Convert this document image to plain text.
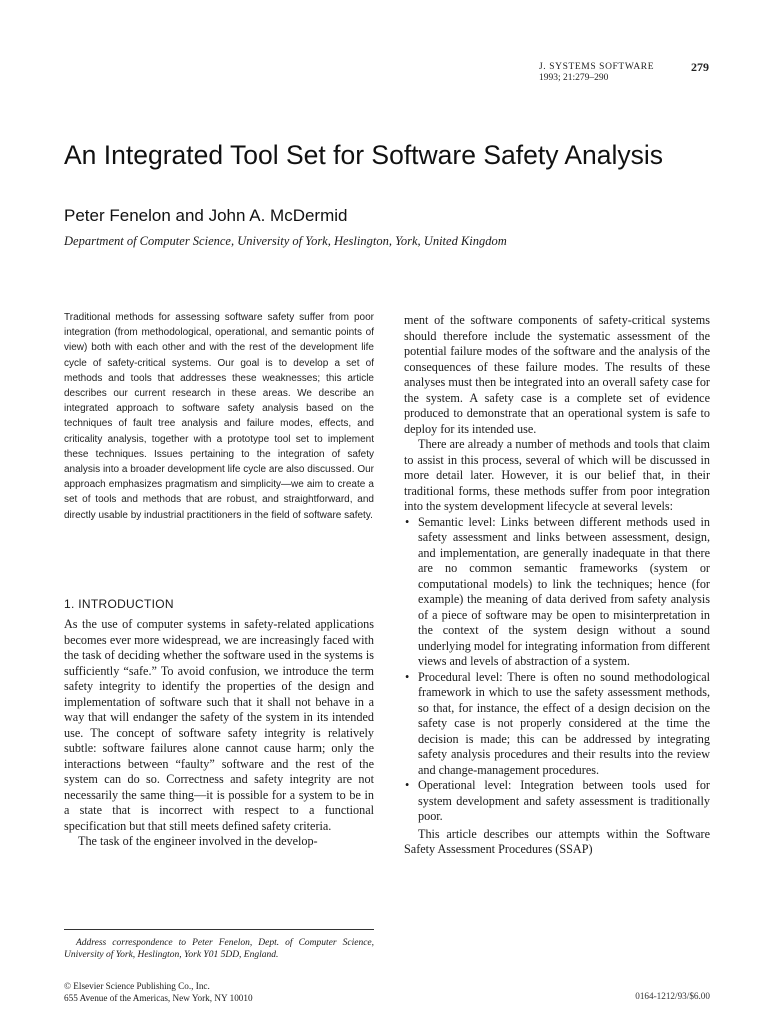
J. SYSTEMS SOFTWARE
1993; 21:279–290
279
An Integrated Tool Set for Software Safety Analysis
Peter Fenelon and John A. McDermid
Department of Computer Science, University of York, Heslington, York, United Kingdom

Traditional methods for assessing software safety suffer from poor integration (from methodological, operational, and semantic points of view) both with each other and with the rest of the development life cycle of safety-critical systems. Our goal is to develop a set of methods and tools that addresses these weaknesses; this article describes our current research in these areas. We describe an integrated approach to software safety analysis based on the techniques of fault tree analysis and failure modes, effects, and criticality analysis, together with a prototype tool set to implement these techniques. Issues pertaining to the integration of safety analysis into a broader development life cycle are also discussed. Our approach emphasizes pragmatism and simplicity—we aim to create a set of tools and methods that are robust, and straightforward, and directly usable by industrial practitioners in the field of software safety.

1. INTRODUCTION

As the use of computer systems in safety-related applications becomes ever more widespread, we are increasingly faced with the task of deciding whether the software used in the systems is sufficiently “safe.” To avoid confusion, we introduce the term safety integrity to identify the properties of the design and implementation of software such that it shall not behave in a way that will endanger the safety of the system in its intended use. The concept of software safety integrity is relatively subtle: software failures alone cannot cause harm; only the interactions between “faulty” software and the rest of the system can do so. Correctness and safety integrity are not necessarily the same thing—it is possible for a system to be in a state that is incorrect with respect to a functional specification but that still meets defined safety criteria.

The task of the engineer involved in the develop-

ment of the software components of safety-critical systems should therefore include the systematic assessment of the potential failure modes of the software and the analysis of the consequences of these failure modes. The results of these analyses must then be integrated into an overall safety case for the system. A safety case is a complete set of evidence produced to demonstrate that an operational system is safe to deploy for its intended use.

There are already a number of methods and tools that claim to assist in this process, several of which will be discussed in more detail later. However, it is our belief that, in their traditional forms, these methods suffer from poor integration into the system development lifecycle at several levels:

• Semantic level: Links between different methods used in safety assessment and links between assessment, design, and implementation, are generally inadequate in that there are no common semantic frameworks (system or computational models) to link the techniques; hence (for example) the meaning of data derived from safety analysis of a piece of software may be open to misinterpretation in the context of the system design without a sound underlying model for integrating information from different views and levels of abstraction of a system.
• Procedural level: There is often no sound methodological framework in which to use the safety assessment methods, so that, for instance, the effect of a design decision on the safety case is not properly considered at the time the decision is made; this can be addressed by integrating safety analysis procedures and their results into the review and change-management procedures.
• Operational level: Integration between tools used for system development and safety assessment is traditionally poor.

This article describes our attempts within the Software Safety Assessment Procedures (SSAP)

Address correspondence to Peter Fenelon, Dept. of Computer Science, University of York, Heslington, York Y01 5DD, England.
© Elsevier Science Publishing Co., Inc.
655 Avenue of the Americas, New York, NY 10010	0164-1212/93/$6.00
